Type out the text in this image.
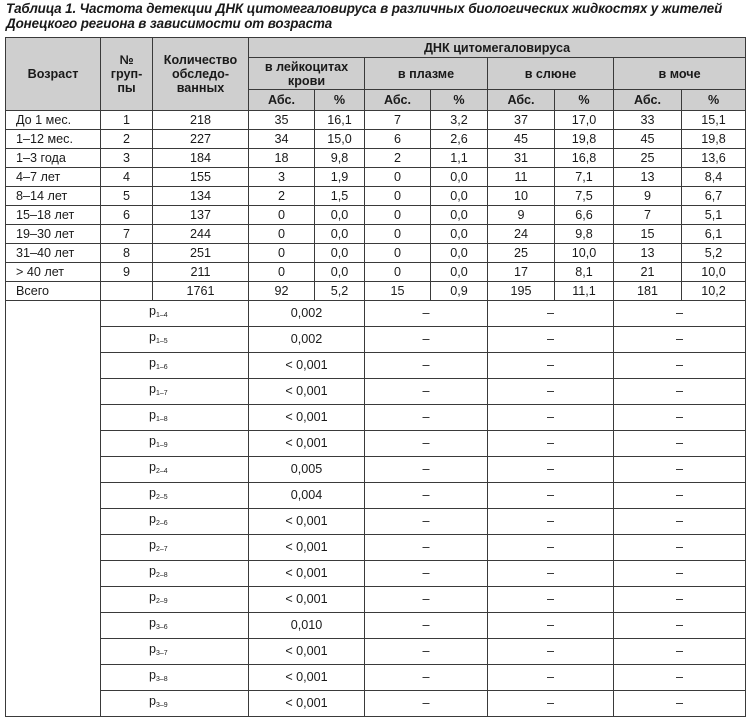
Таблица 1. Частота детекции ДНК цитомегаловируса в различных биологических жидкостях у жителей Донецкого региона в зависимости от возраста
Возраст	№ груп-пы	Количество обследо-ванных	ДНК цитомегаловируса							
			в лейкоцитах крови		в плазме		в слюне		в моче	
			Абс.	%	Абс.	%	Абс.	%	Абс.	%
До 1 мес.	1	218	35	16,1	7	3,2	37	17,0	33	15,1
1–12 мес.	2	227	34	15,0	6	2,6	45	19,8	45	19,8
1–3 года	3	184	18	9,8	2	1,1	31	16,8	25	13,6
4–7 лет	4	155	3	1,9	0	0,0	11	7,1	13	8,4
8–14 лет	5	134	2	1,5	0	0,0	10	7,5	9	6,7
15–18 лет	6	137	0	0,0	0	0,0	9	6,6	7	5,1
19–30 лет	7	244	0	0,0	0	0,0	24	9,8	15	6,1
31–40 лет	8	251	0	0,0	0	0,0	25	10,0	13	5,2
> 40 лет	9	211	0	0,0	0	0,0	17	8,1	21	10,0
Всего		1761	92	5,2	15	0,9	195	11,1	181	10,2
	$p_{1-4}$		0,002		–		–		–	
	$p_{1-5}$		0,002		–		–		–	
	$p_{1-6}$		< 0,001		–		–		–	
	$p_{1-7}$		< 0,001		–		–		–	
	$p_{1-8}$		< 0,001		–		–		–	
	$p_{1-9}$		< 0,001		–		–		–	
	$p_{2-4}$		0,005		–		–		–	
	$p_{2-5}$		0,004		–		–		–	
	$p_{2-6}$		< 0,001		–		–		–	
	$p_{2-7}$		< 0,001		–		–		–	
	$p_{2-8}$		< 0,001		–		–		–	
	$p_{2-9}$		< 0,001		–		–		–	
	$p_{3-6}$		0,010		–		–		–	
	$p_{3-7}$		< 0,001		–		–		–	
	$p_{3-8}$		< 0,001		–		–		–	
	$p_{3-9}$		< 0,001		–		–		–	
